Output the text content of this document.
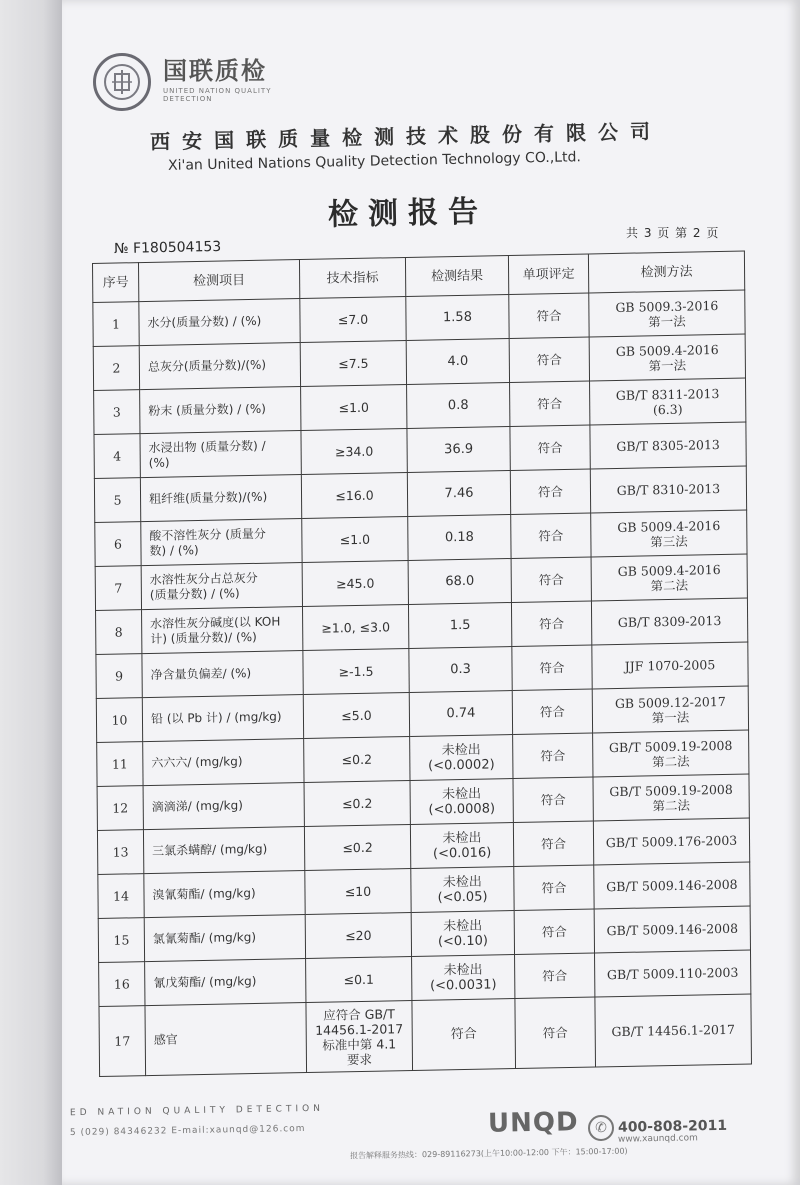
国联质检
UNITED NATION QUALITY DETECTION
西安国联质量检测技术股份有限公司
Xi'an United Nations Quality Detection Technology CO.,Ltd.
检测报告
共 3 页 第 2 页
№ F180504153
序号	检测项目	技术指标	检测结果	单项评定	检测方法
1	水分(质量分数) / (%)	≤7.0	1.58	符合	GB 5009.3-2016
第一法
2	总灰分(质量分数)/(%)	≤7.5	4.0	符合	GB 5009.4-2016
第一法
3	粉末 (质量分数) / (%)	≤1.0	0.8	符合	GB/T 8311-2013
(6.3)
4	水浸出物 (质量分数) /
(%)	≥34.0	36.9	符合	GB/T 8305-2013
5	粗纤维(质量分数)/(%)	≤16.0	7.46	符合	GB/T 8310-2013
6	酸不溶性灰分 (质量分
数) / (%)	≤1.0	0.18	符合	GB 5009.4-2016
第三法
7	水溶性灰分占总灰分
(质量分数) / (%)	≥45.0	68.0	符合	GB 5009.4-2016
第二法
8	水溶性灰分碱度(以 KOH
计) (质量分数)/ (%)	≥1.0, ≤3.0	1.5	符合	GB/T 8309-2013
9	净含量负偏差/ (%)	≥-1.5	0.3	符合	JJF 1070-2005
10	铅 (以 Pb 计) / (mg/kg)	≤5.0	0.74	符合	GB 5009.12-2017
第一法
11	六六六/ (mg/kg)	≤0.2	未检出
(<0.0002)	符合	GB/T 5009.19-2008
第二法
12	滴滴涕/ (mg/kg)	≤0.2	未检出
(<0.0008)	符合	GB/T 5009.19-2008
第二法
13	三氯杀螨醇/ (mg/kg)	≤0.2	未检出
(<0.016)	符合	GB/T 5009.176-2003
14	溴氰菊酯/ (mg/kg)	≤10	未检出
(<0.05)	符合	GB/T 5009.146-2008
15	氯氰菊酯/ (mg/kg)	≤20	未检出
(<0.10)	符合	GB/T 5009.146-2008
16	氰戊菊酯/ (mg/kg)	≤0.1	未检出
(<0.0031)	符合	GB/T 5009.110-2003
17	感官	应符合 GB/T
14456.1-2017
标准中第 4.1
要求	符合	符合	GB/T 14456.1-2017
ED NATION QUALITY DETECTION
5 (029) 84346232 E-mail:xaunqd@126.com	UNQD	✆ 400-808-2011
www.xaunqd.com
报告解释服务热线：029-89116273(上午10:00-12:00 下午：15:00-17:00)
